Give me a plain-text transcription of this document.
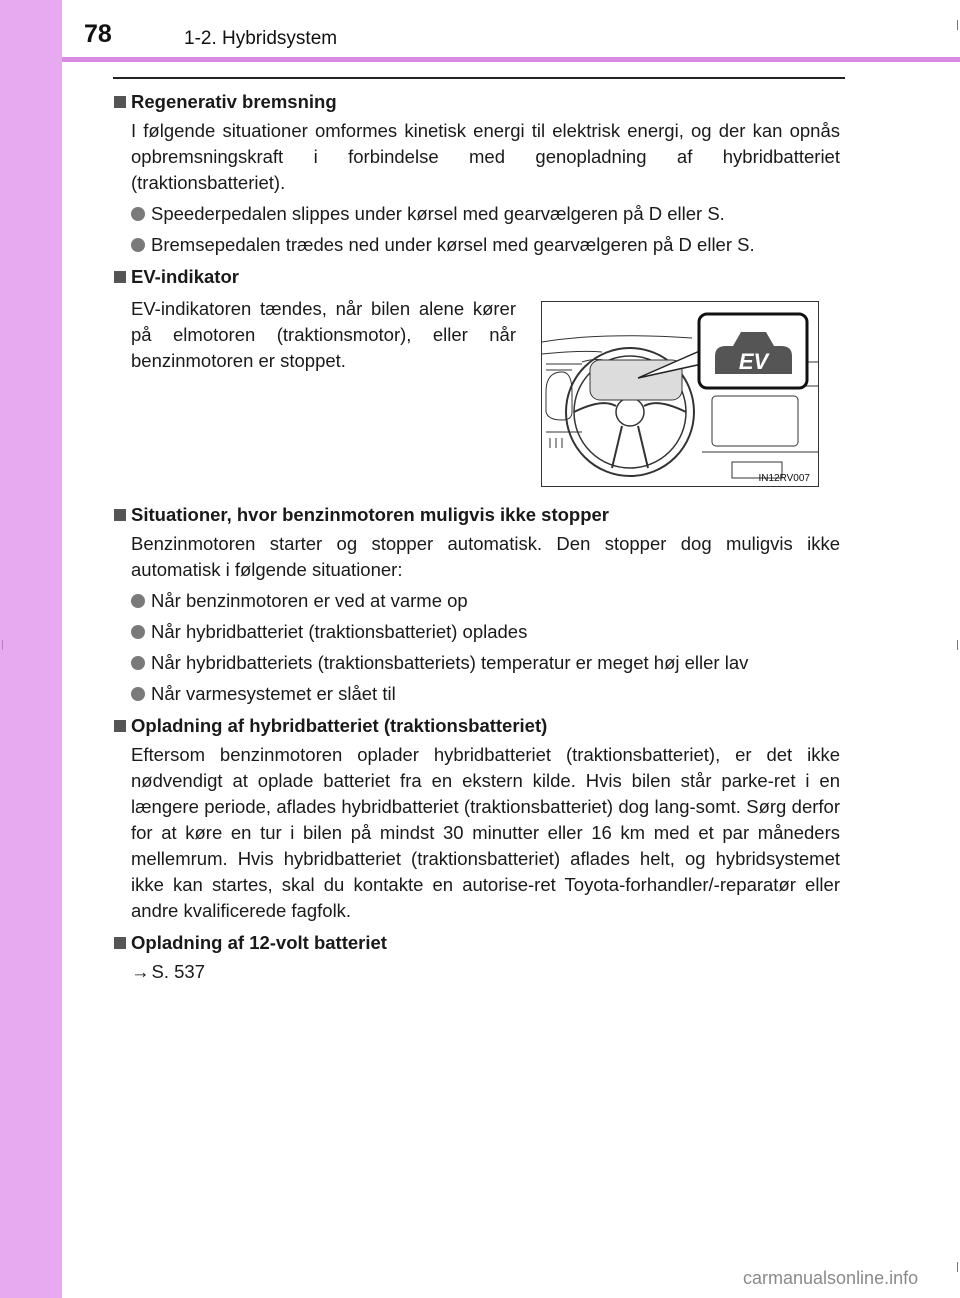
78	1-2. Hybridsystem
Regenerativ bremsning

I følgende situationer omformes kinetisk energi til elektrisk energi, og der kan opnås opbremsningskraft i forbindelse med genopladning af hybridbatteriet (traktionsbatteriet).

Speederpedalen slippes under kørsel med gearvælgeren på D eller S.
Bremsepedalen trædes ned under kørsel med gearvælgeren på D eller S.
EV-indikator

EV-indikatoren tændes, når bilen alene kører på elmotoren (traktionsmotor), eller når benzinmotoren er stoppet.	EV
IN12RV007
Situationer, hvor benzinmotoren muligvis ikke stopper

Benzinmotoren starter og stopper automatisk. Den stopper dog muligvis ikke automatisk i følgende situationer:

Når benzinmotoren er ved at varme op
Når hybridbatteriet (traktionsbatteriet) oplades
Når hybridbatteriets (traktionsbatteriets) temperatur er meget høj eller lav
Når varmesystemet er slået til
Opladning af hybridbatteriet (traktionsbatteriet)

Eftersom benzinmotoren oplader hybridbatteriet (traktionsbatteriet), er det ikke nødvendigt at oplade batteriet fra en ekstern kilde. Hvis bilen står parke-ret i en længere periode, aflades hybridbatteriet (traktionsbatteriet) dog lang-somt. Sørg derfor for at køre en tur i bilen på mindst 30 minutter eller 16 km med et par måneders mellemrum. Hvis hybridbatteriet (traktionsbatteriet) aflades helt, og hybridsystemet ikke kan startes, skal du kontakte en autorise-ret Toyota-forhandler/-reparatør eller andre kvalificerede fagfolk.

Opladning af 12-volt batteriet

→ S. 537

carmanualsonline.info
